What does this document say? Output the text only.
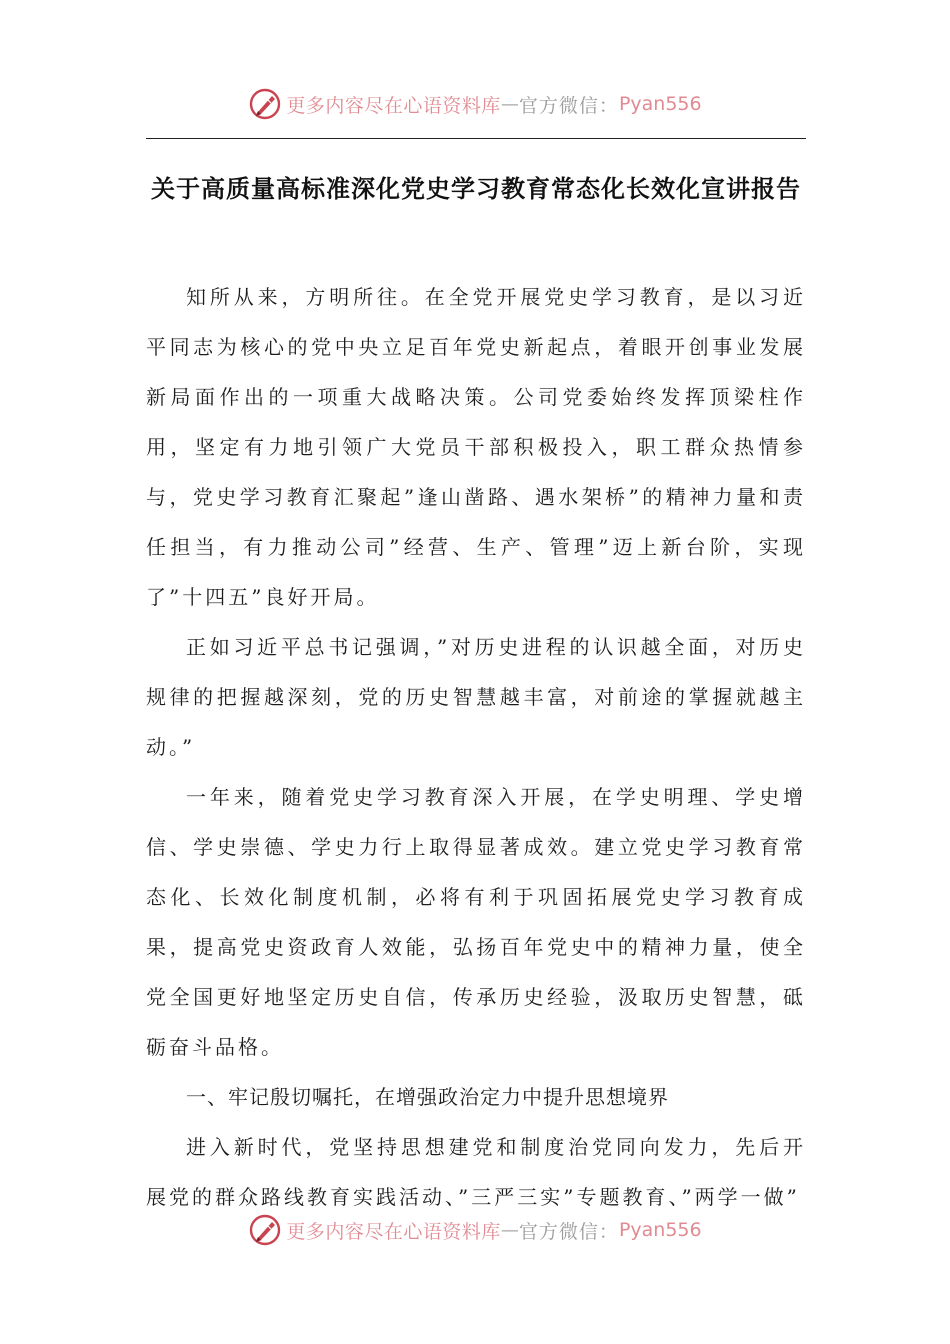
更多内容尽在心语资料库 — 官方微信： Pyan556
关于高质量高标准深化党史学习教育常态化长效化宣讲报告

知所从来，方明所往。在全党开展党史学习教育，是以习近平同志为核心的党中央立足百年党史新起点，着眼开创事业发展新局面作出的一项重大战略决策。公司党委始终发挥顶梁柱作用，坚定有力地引领广大党员干部积极投入，职工群众热情参与，党史学习教育汇聚起”逢山凿路、遇水架桥”的精神力量和责任担当，有力推动公司”经营、生产、管理”迈上新台阶，实现了”十四五”良好开局。

正如习近平总书记强调，”对历史进程的认识越全面，对历史规律的把握越深刻，党的历史智慧越丰富，对前途的掌握就越主动。”

一年来，随着党史学习教育深入开展，在学史明理、学史增信、学史崇德、学史力行上取得显著成效。建立党史学习教育常态化、长效化制度机制，必将有利于巩固拓展党史学习教育成果，提高党史资政育人效能，弘扬百年党史中的精神力量，使全党全国更好地坚定历史自信，传承历史经验，汲取历史智慧，砥砺奋斗品格。

一、牢记殷切嘱托，在增强政治定力中提升思想境界

进入新时代，党坚持思想建党和制度治党同向发力，先后开展党的群众路线教育实践活动、”三严三实”专题教育、”两学一做”

更多内容尽在心语资料库 — 官方微信： Pyan556
